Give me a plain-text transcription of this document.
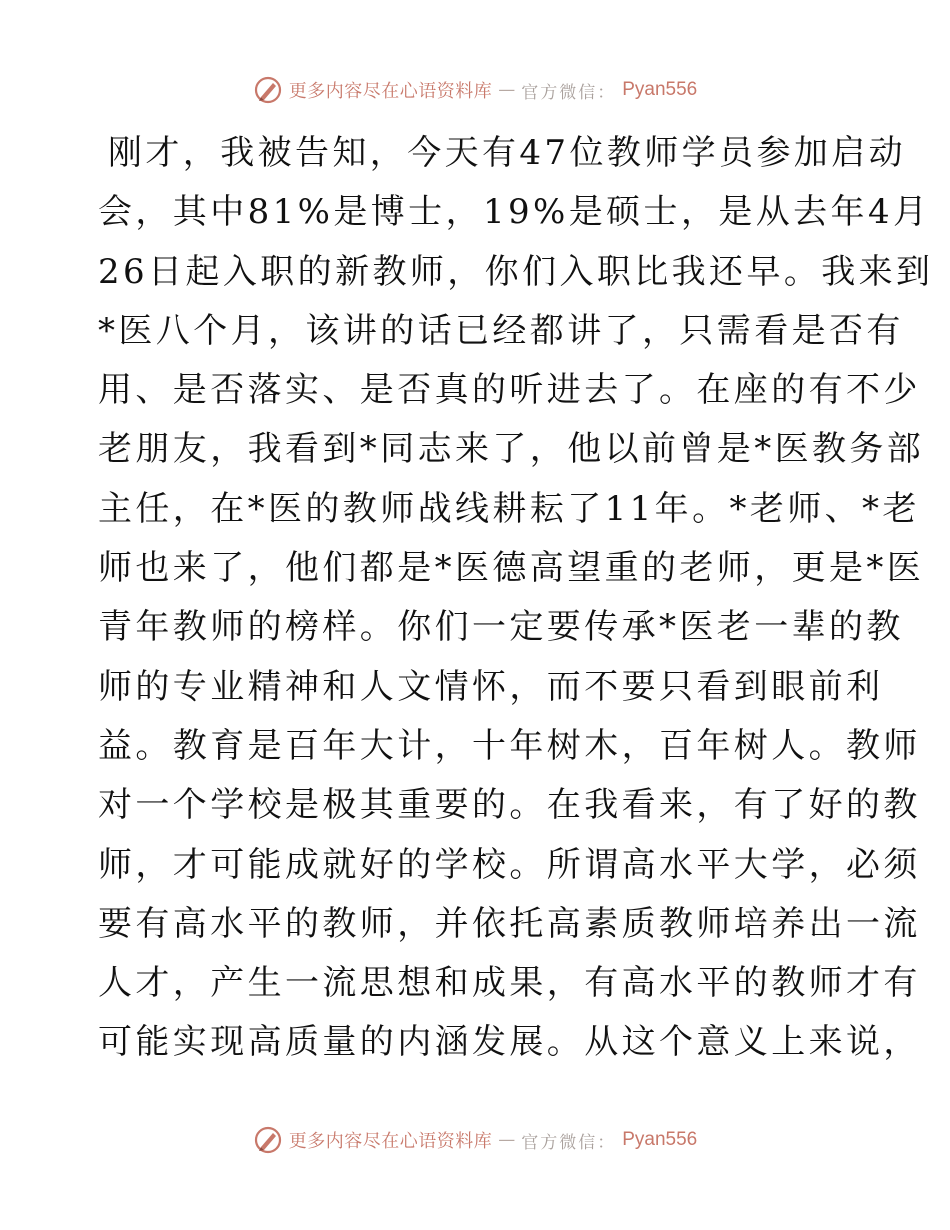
更多内容尽在心语资料库 — 官方微信： Pyan556
刚才，我被告知，今天有47位教师学员参加启动
会，其中81%是博士，19%是硕士，是从去年4月
26日起入职的新教师，你们入职比我还早。我来到
*医八个月，该讲的话已经都讲了，只需看是否有
用、是否落实、是否真的听进去了。在座的有不少
老朋友，我看到*同志来了，他以前曾是*医教务部
主任，在*医的教师战线耕耘了11年。*老师、*老
师也来了，他们都是*医德高望重的老师，更是*医
青年教师的榜样。你们一定要传承*医老一辈的教
师的专业精神和人文情怀，而不要只看到眼前利
益。教育是百年大计，十年树木，百年树人。教师
对一个学校是极其重要的。在我看来，有了好的教
师，才可能成就好的学校。所谓高水平大学，必须
要有高水平的教师，并依托高素质教师培养出一流
人才，产生一流思想和成果，有高水平的教师才有
可能实现高质量的内涵发展。从这个意义上来说，
更多内容尽在心语资料库 — 官方微信： Pyan556
